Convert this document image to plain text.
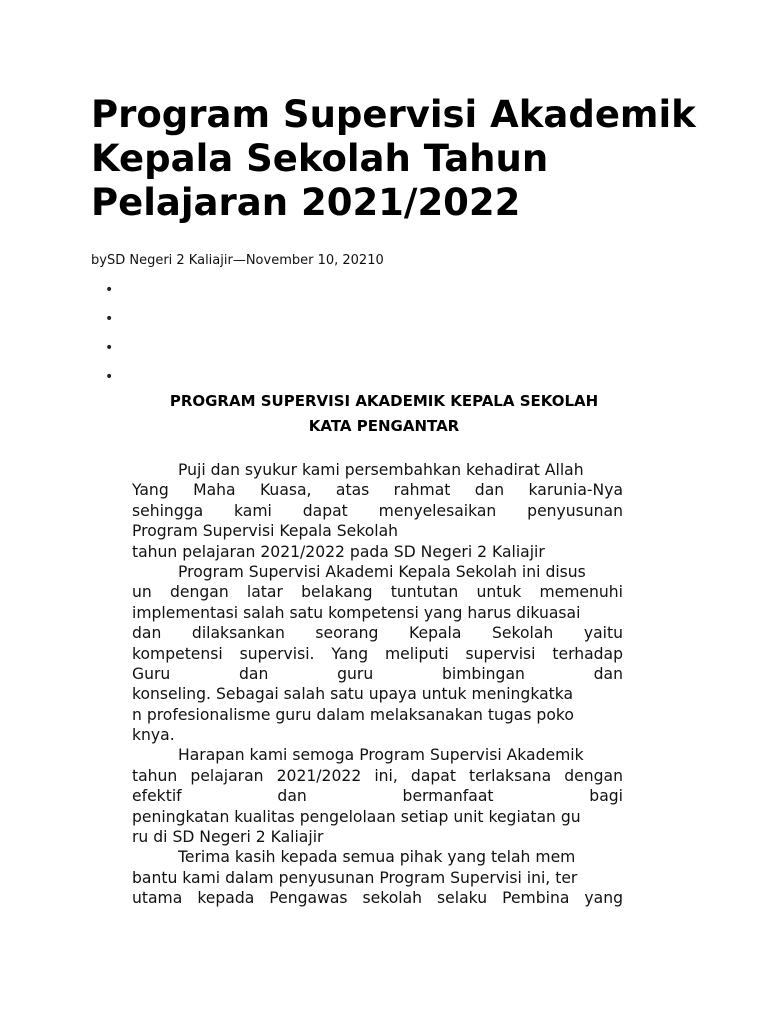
Program Supervisi Akademik Kepala Sekolah Tahun Pelajaran 2021/2022
bySD Negeri 2 Kaliajir—November 10, 20210
PROGRAM SUPERVISI AKADEMIK KEPALA SEKOLAH
KATA PENGANTAR
Puji dan syukur kami persembahkan kehadirat Allah
Yang Maha Kuasa, atas rahmat dan karunia-Nya
sehingga kami dapat menyelesaikan penyusunan
Program Supervisi Kepala Sekolah
tahun pelajaran 2021/2022 pada SD Negeri 2 Kaliajir
Program Supervisi Akademi Kepala Sekolah ini disus
un dengan latar belakang tuntutan untuk memenuhi
implementasi salah satu kompetensi yang harus dikuasai
dan dilaksankan seorang Kepala Sekolah yaitu
kompetensi supervisi. Yang meliputi supervisi terhadap
Guru dan guru bimbingan dan
konseling. Sebagai salah satu upaya untuk meningkatka
n profesionalisme guru dalam melaksanakan tugas poko
knya.
Harapan kami semoga Program Supervisi Akademik
tahun pelajaran 2021/2022 ini, dapat terlaksana dengan
efektif dan bermanfaat bagi
peningkatan kualitas pengelolaan setiap unit kegiatan gu
ru di SD Negeri 2 Kaliajir
Terima kasih kepada semua pihak yang telah mem
bantu kami dalam penyusunan Program Supervisi ini, ter
utama kepada Pengawas sekolah selaku Pembina yang
